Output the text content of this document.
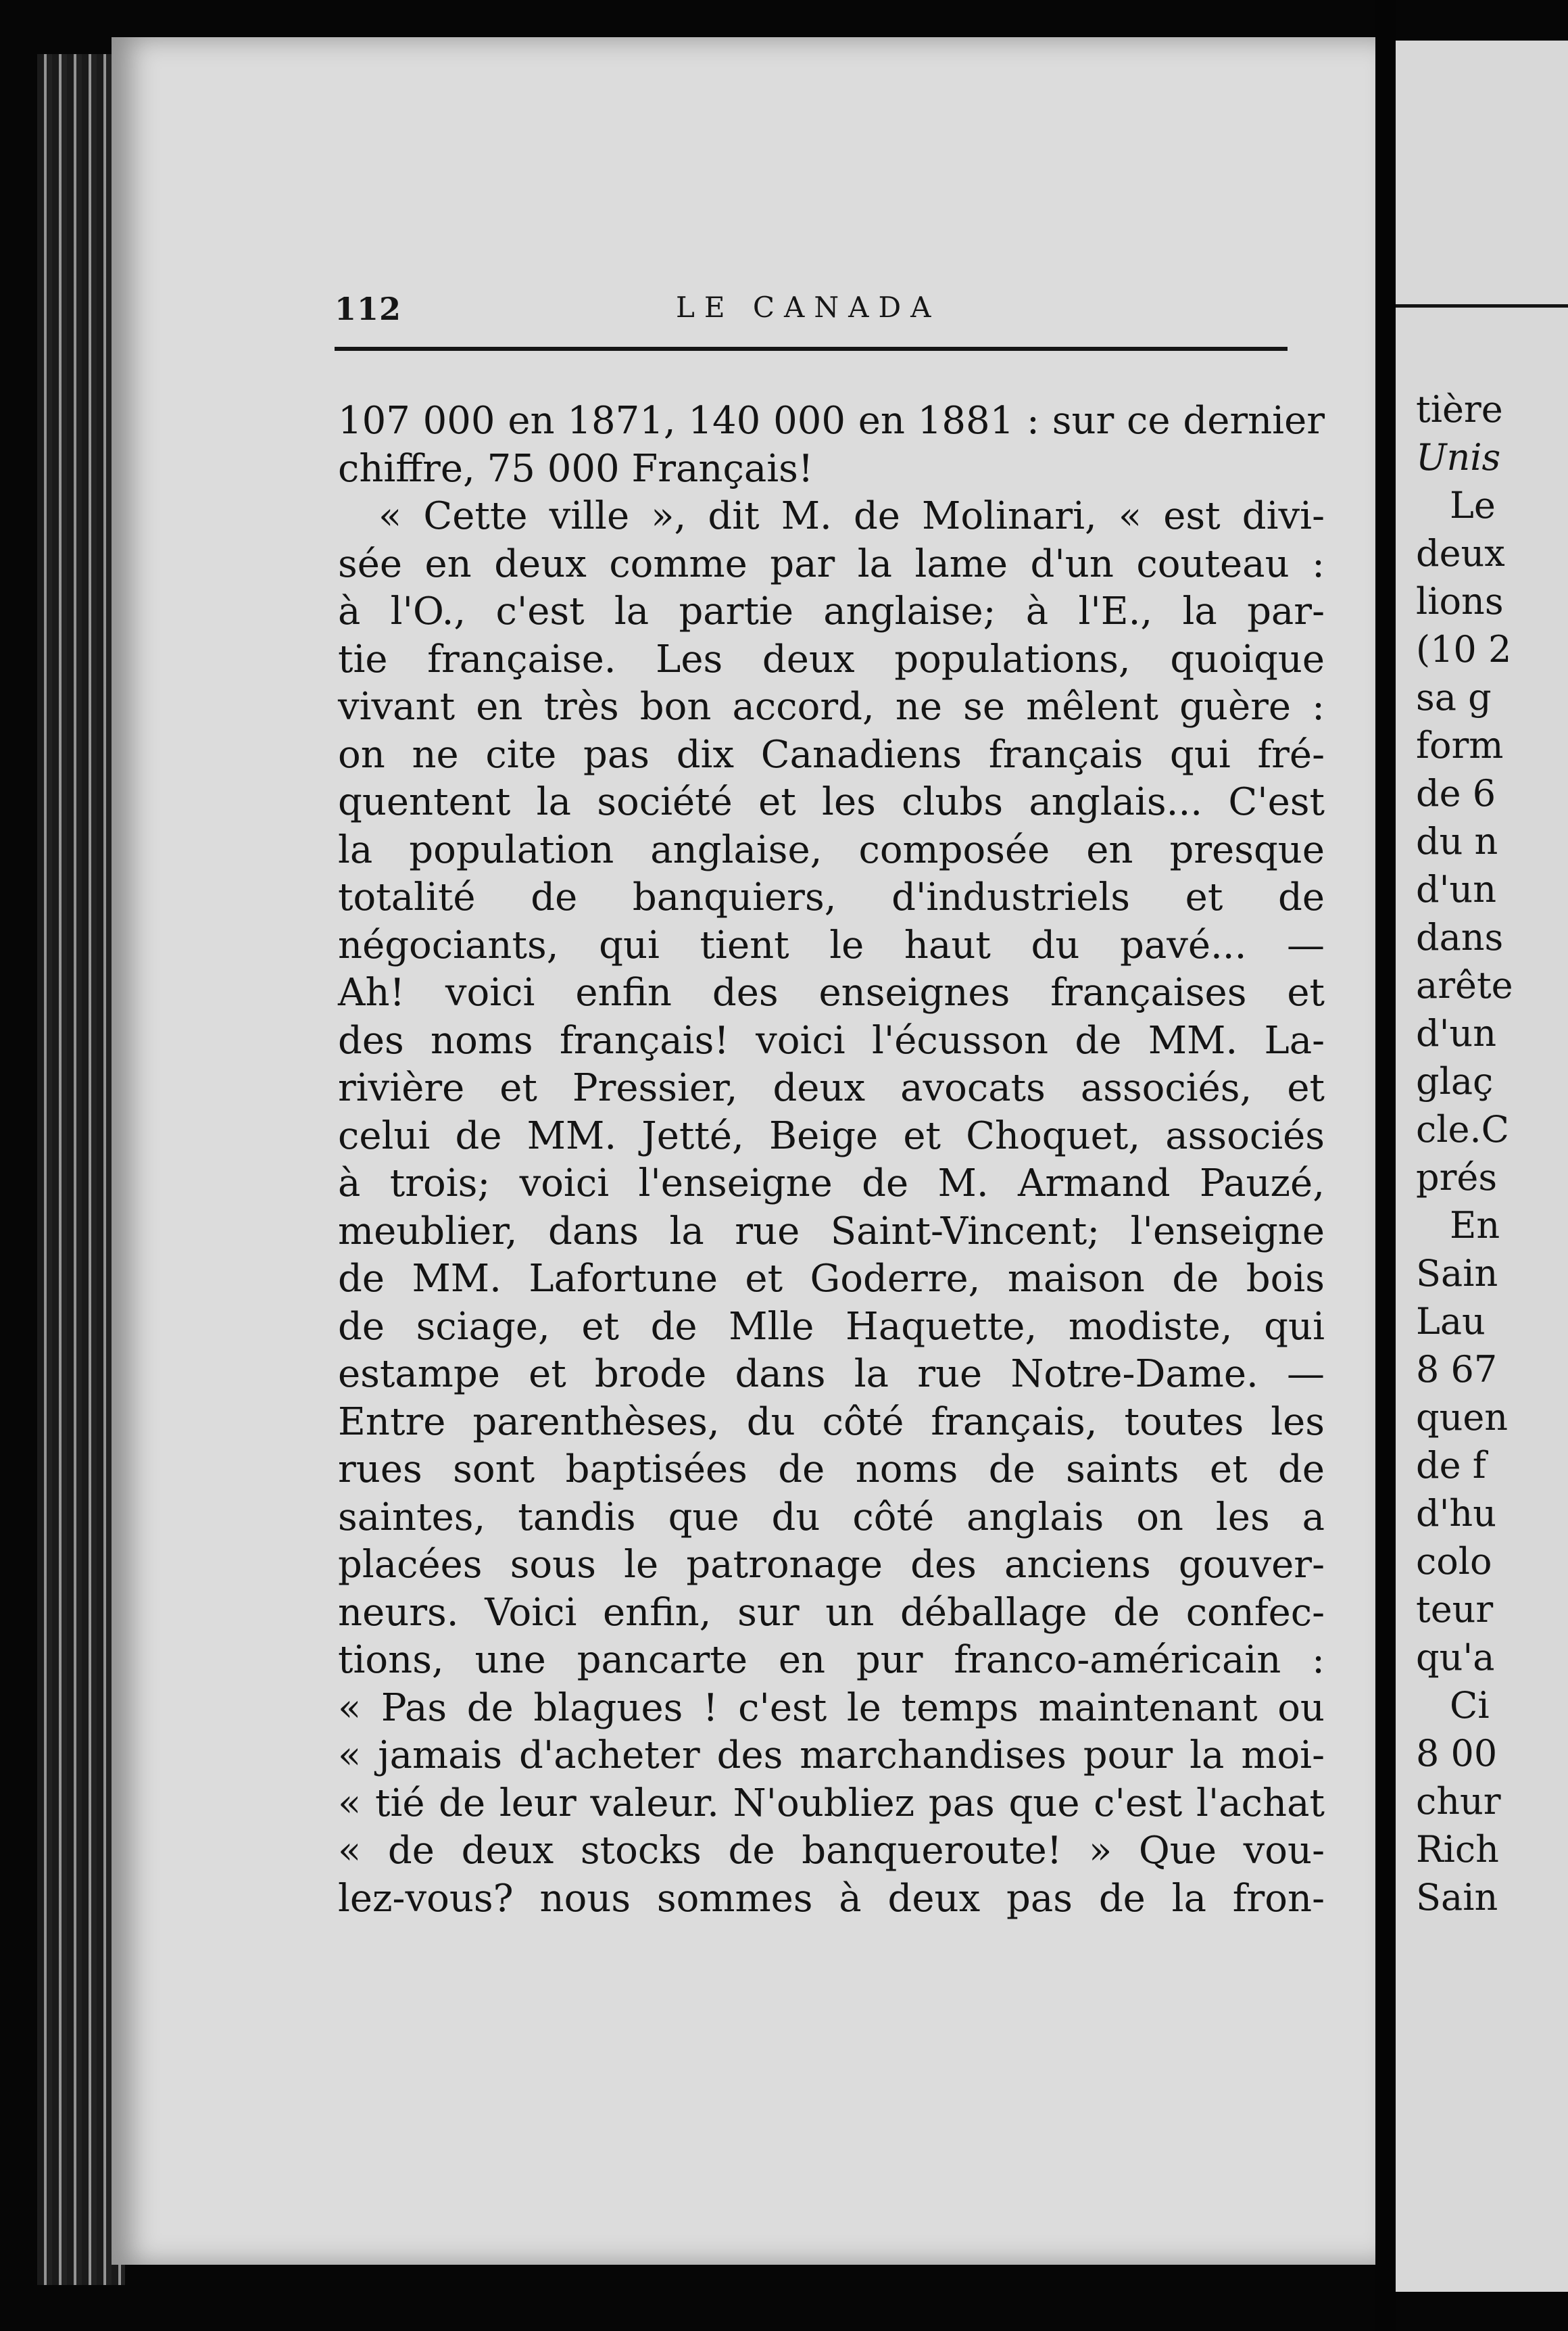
112	LE CANADA
107 000 en 1871, 140 000 en 1881 : sur ce dernier
chiffre, 75 000 Français!
« Cette ville », dit M. de Molinari, « est divi-
sée en deux comme par la lame d'un couteau :
à l'O., c'est la partie anglaise; à l'E., la par-
tie française. Les deux populations, quoique
vivant en très bon accord, ne se mêlent guère :
on ne cite pas dix Canadiens français qui fré-
quentent la société et les clubs anglais... C'est
la population anglaise, composée en presque
totalité de banquiers, d'industriels et de
négociants, qui tient le haut du pavé... —
Ah! voici enfin des enseignes françaises et
des noms français! voici l'écusson de MM. La-
rivière et Pressier, deux avocats associés, et
celui de MM. Jetté, Beige et Choquet, associés
à trois; voici l'enseigne de M. Armand Pauzé,
meublier, dans la rue Saint-Vincent; l'enseigne
de MM. Lafortune et Goderre, maison de bois
de sciage, et de Mlle Haquette, modiste, qui
estampe et brode dans la rue Notre-Dame. —
Entre parenthèses, du côté français, toutes les
rues sont baptisées de noms de saints et de
saintes, tandis que du côté anglais on les a
placées sous le patronage des anciens gouver-
neurs. Voici enfin, sur un déballage de confec-
tions, une pancarte en pur franco-américain :
« Pas de blagues ! c'est le temps maintenant ou
« jamais d'acheter des marchandises pour la moi-
« tié de leur valeur. N'oubliez pas que c'est l'achat
« de deux stocks de banqueroute! » Que vou-
lez-vous? nous sommes à deux pas de la fron-
tière
Unis
Le
deux
lions
(10 2
sa g
form
de 6
du n
d'un
dans
arête
d'un
glaç
cle.C
prés
En
Sain
Lau
8 67
quen
de f
d'hu
colo
teur
qu'a
Ci
8 00
chur
Rich
Sain
